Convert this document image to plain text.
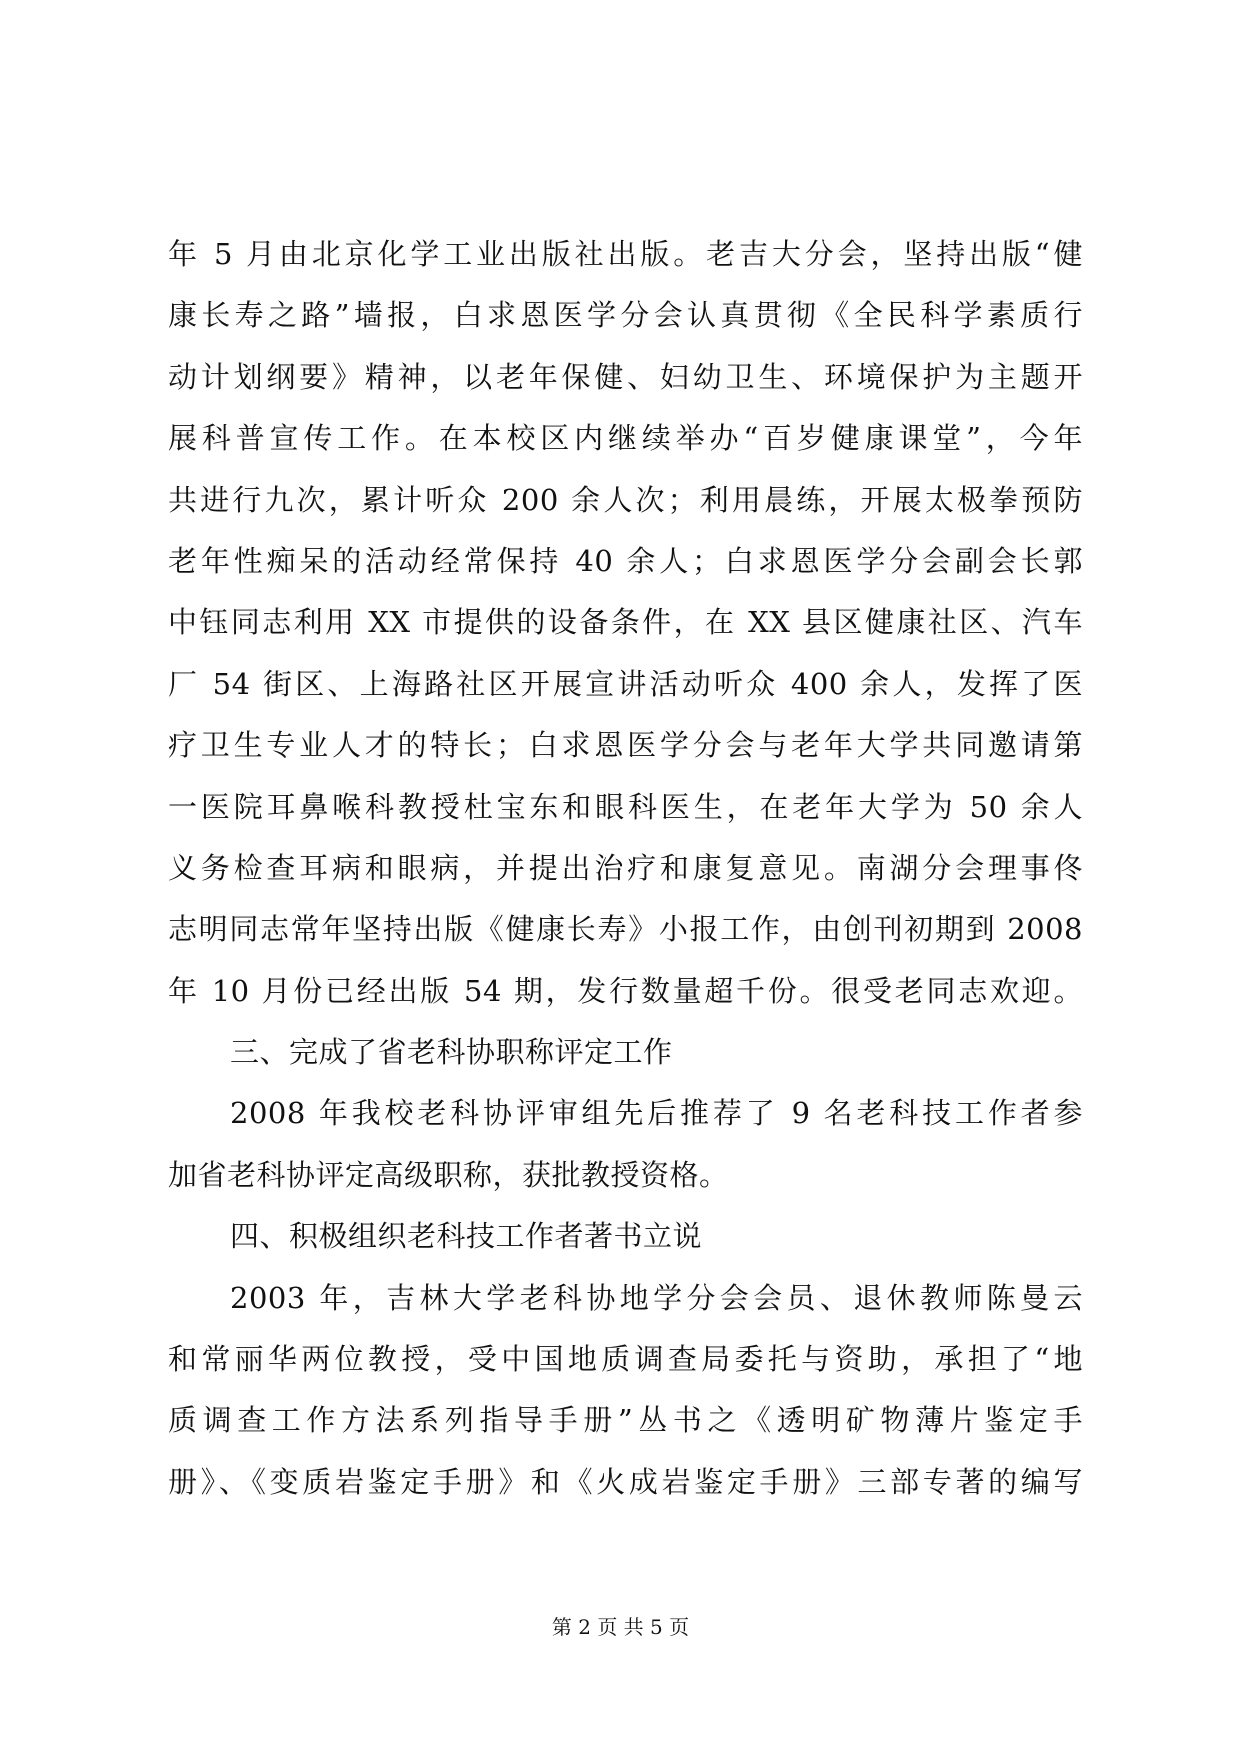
年 5 月由北京化学工业出版社出版。老吉大分会，坚持出版“健
康长寿之路”墙报，白求恩医学分会认真贯彻《全民科学素质行
动计划纲要》精神，以老年保健、妇幼卫生、环境保护为主题开
展科普宣传工作。在本校区内继续举办“百岁健康课堂”，今年
共进行九次，累计听众 200 余人次；利用晨练，开展太极拳预防
老年性痴呆的活动经常保持 40 余人；白求恩医学分会副会长郭
中钰同志利用 XX 市提供的设备条件，在 XX 县区健康社区、汽车
厂 54 街区、上海路社区开展宣讲活动听众 400 余人，发挥了医
疗卫生专业人才的特长；白求恩医学分会与老年大学共同邀请第
一医院耳鼻喉科教授杜宝东和眼科医生，在老年大学为 50 余人
义务检查耳病和眼病，并提出治疗和康复意见。南湖分会理事佟
志明同志常年坚持出版《健康长寿》小报工作，由创刊初期到 2008
年 10 月份已经出版 54 期，发行数量超千份。很受老同志欢迎。
三、完成了省老科协职称评定工作
2008 年我校老科协评审组先后推荐了 9 名老科技工作者参
加省老科协评定高级职称，获批教授资格。
四、积极组织老科技工作者著书立说
2003 年，吉林大学老科协地学分会会员、退休教师陈曼云
和常丽华两位教授，受中国地质调查局委托与资助，承担了“地
质调查工作方法系列指导手册”丛书之《透明矿物薄片鉴定手
册》、《变质岩鉴定手册》和《火成岩鉴定手册》三部专著的编写
第 2 页 共 5 页
